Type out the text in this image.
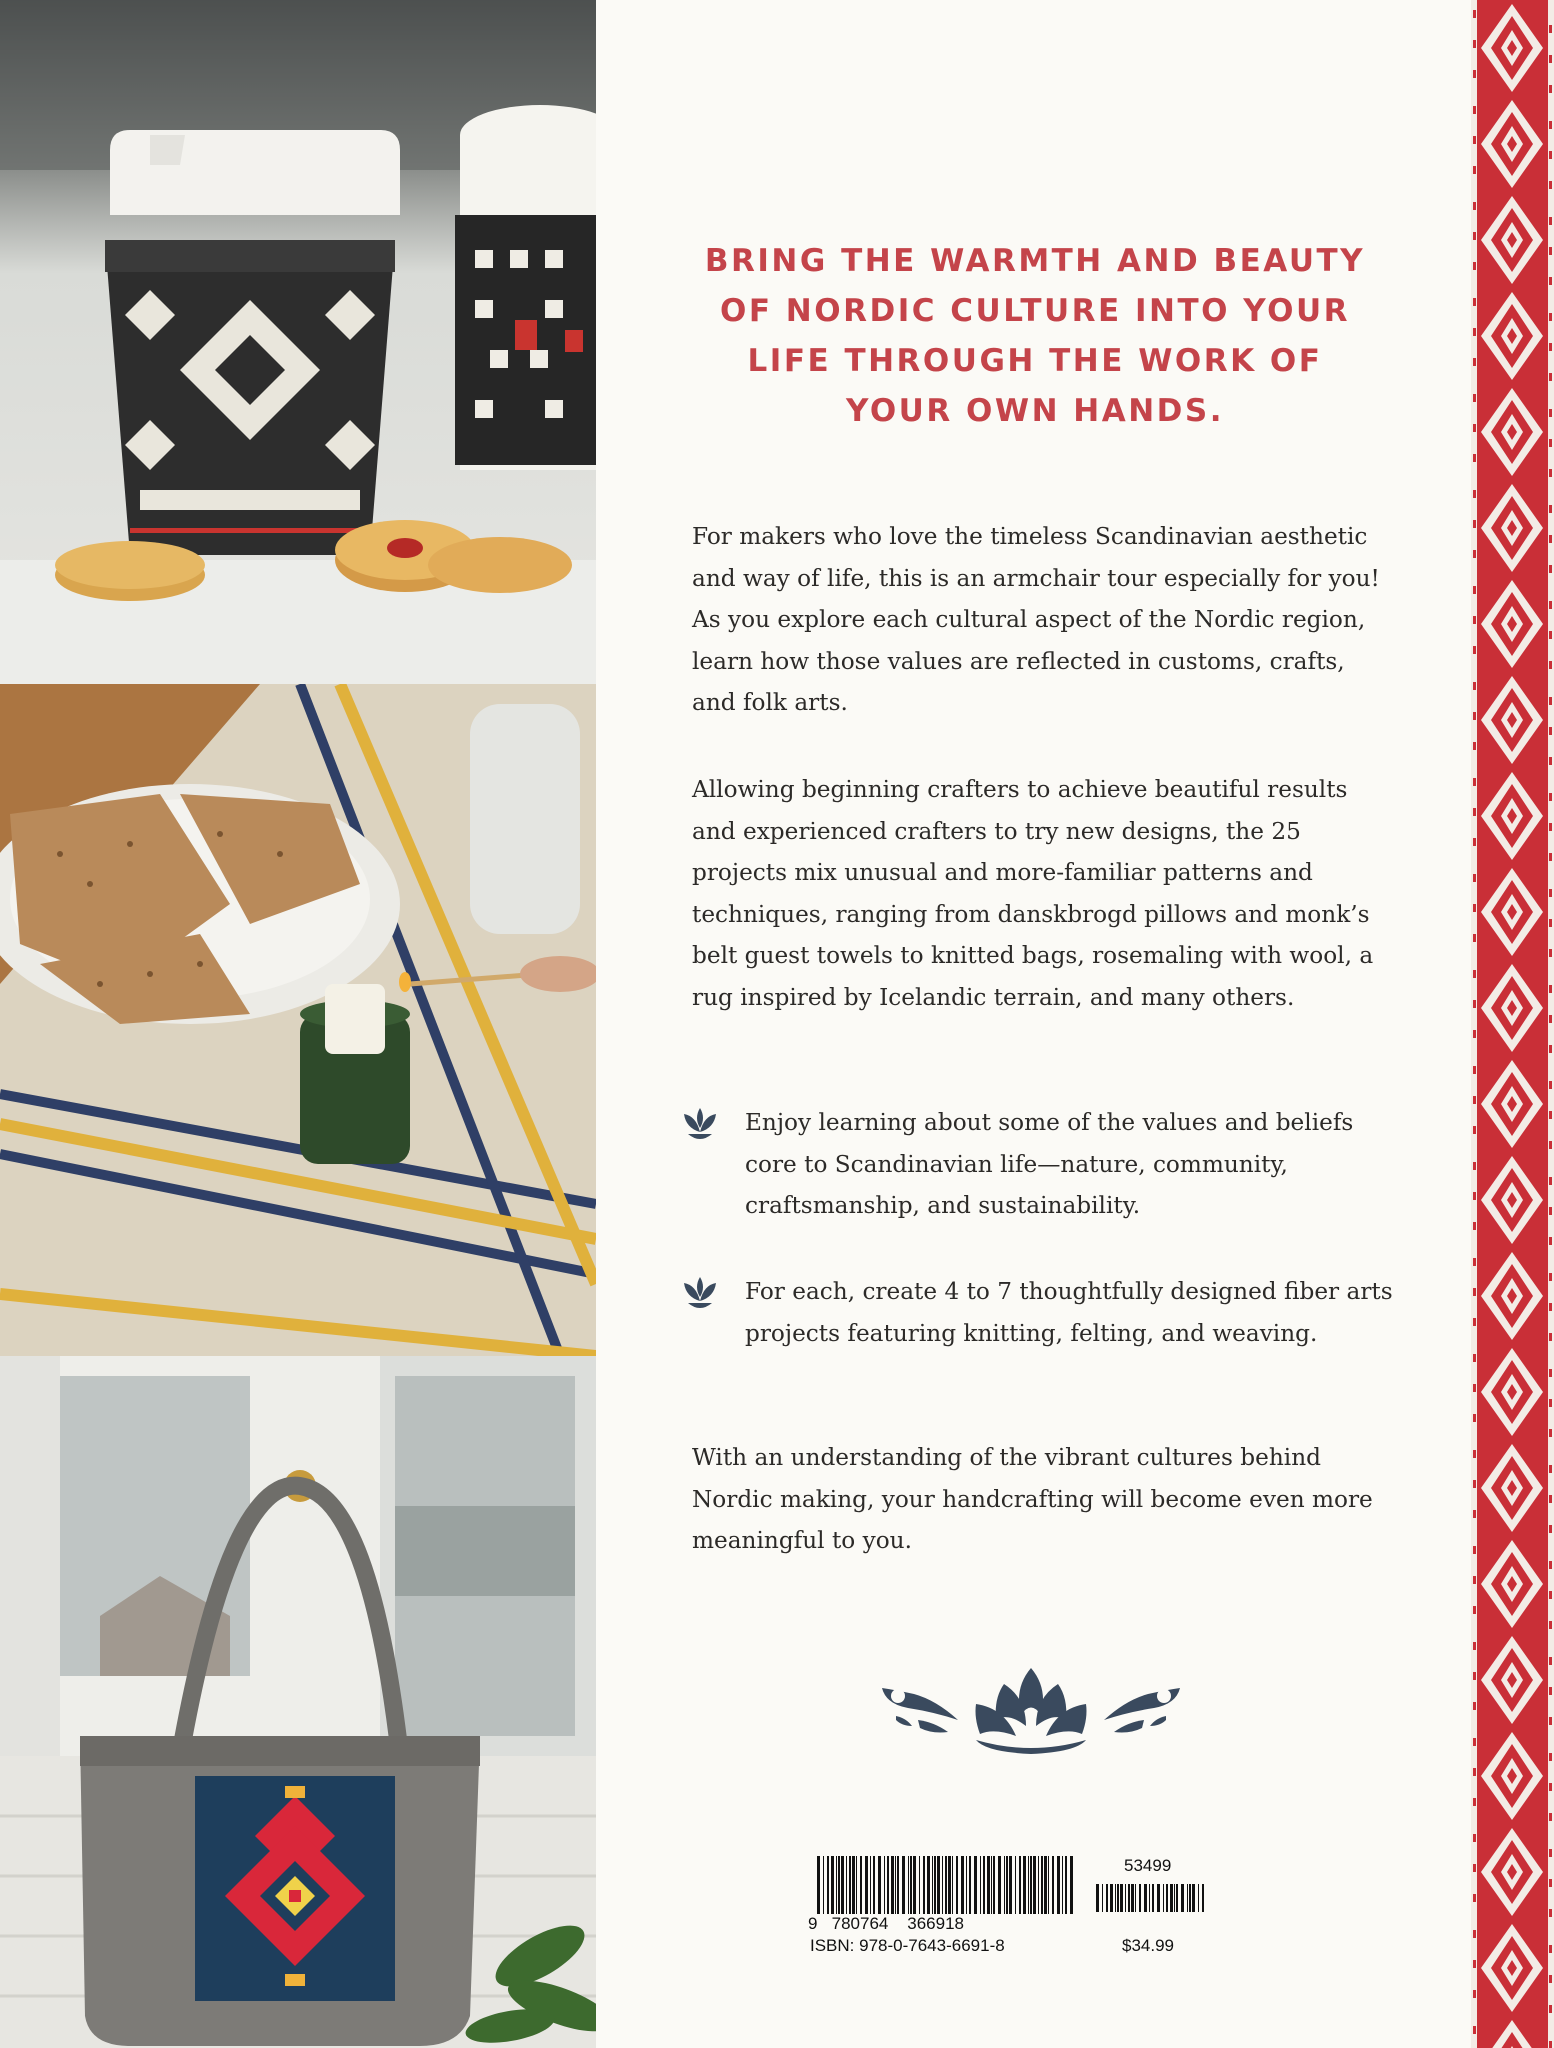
BRING THE WARMTH AND BEAUTY
OF NORDIC CULTURE INTO YOUR
LIFE THROUGH THE WORK OF
YOUR OWN HANDS.

For makers who love the timeless Scandinavian aesthetic and way of life, this is an armchair tour especially for you! As you explore each cultural aspect of the Nordic region, learn how those values are reflected in customs, crafts, and folk arts.

Allowing beginning crafters to achieve beautiful results and experienced crafters to try new designs, the 25 projects mix unusual and more-familiar patterns and techniques, ranging from danskbrogd pillows and monk’s belt guest towels to knitted bags, rosemaling with wool, a rug inspired by Icelandic terrain, and many others.

Enjoy learning about some of the values and beliefs core to Scandinavian life—nature, community, craftsmanship, and sustainability.

For each, create 4 to 7 thoughtfully designed fiber arts projects featuring knitting, felting, and weaving.

With an understanding of the vibrant cultures behind Nordic making, your handcrafting will become even more meaningful to you.

9   780764    366918

ISBN: 978-0-7643-6691-8

53499

$34.99
